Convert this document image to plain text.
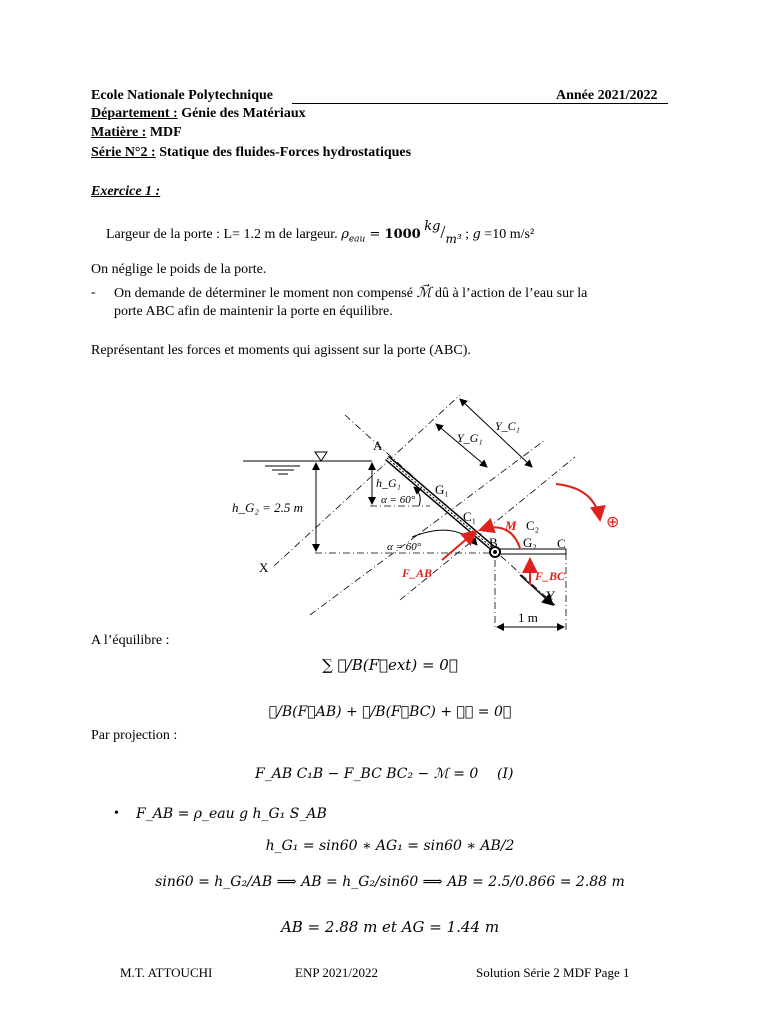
Ecole Nationale Polytechnique	Année 2021/2022
Département : Génie des Matériaux
Matière : MDF
Série N°2 : Statique des fluides-Forces hydrostatiques
Exercice 1 :
Largeur de la porte : L= 1.2 m de largeur. $\rho_{eau} = 1000$ kg/m³ ; g =10 m/s²
On néglige le poids de la porte.
- On demande de déterminer le moment non compensé ℳ⃗ dû à l’action de l’eau sur la
porte ABC afin de maintenir la porte en équilibre.
Représentant les forces et moments qui agissent sur la porte (ABC).
A
G₁
C₁
B
C₂
G₂ C
X
Y
h_G₂ = 2.5 m
h_G₁
α = 60°
α = 60°
Y_G₁
Y_C₁
F_AB	F_BC
M⃗	⊕
1 m
A l’équilibre :
∑ ℳ/B(F⃗ext) = 0⃗
ℳ/B(F⃗AB) + ℳ/B(F⃗BC) + ℳ⃗ = 0⃗
Par projection :
F_AB C₁B − F_BC BC₂ − ℳ = 0 (I)
• F_AB = ρ_eau g h_G₁ S_AB
h_G₁ = sin60 ∗ AG₁ = sin60 ∗ AB/2
sin60 = h_G₂/AB ⟹ AB = h_G₂/sin60 ⟹ AB = 2.5/0.866 = 2.88 m
AB = 2.88 m et AG = 1.44 m
M.T. ATTOUCHI	ENP 2021/2022	Solution Série 2 MDF Page 1
